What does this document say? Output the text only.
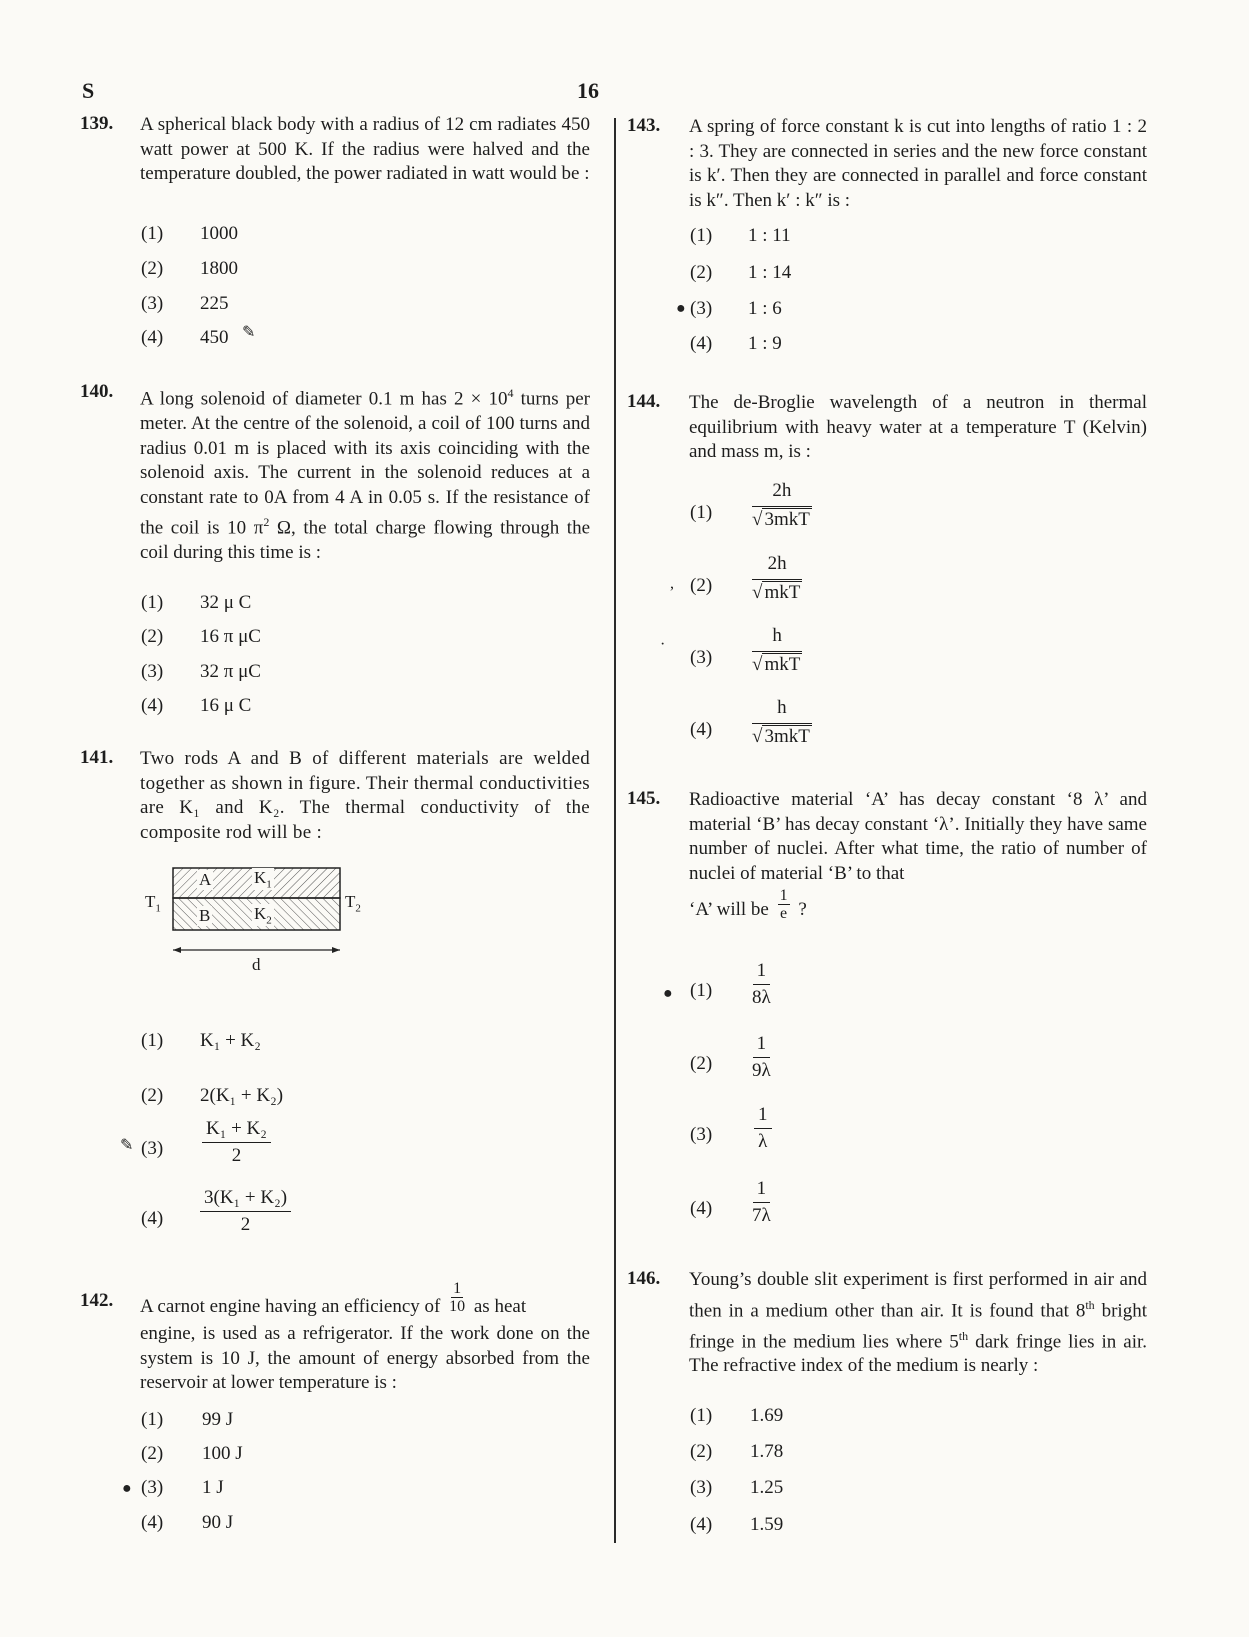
S	16
139. A spherical black body with a radius of 12 cm radiates 450 watt power at 500 K. If the radius were halved and the temperature doubled, the power radiated in watt would be :
(1) 1000
(2) 1800
(3) 225
(4) 450 ✎
140. A long solenoid of diameter 0.1 m has $2 \times 10^4$ turns per meter. At the centre of the solenoid, a coil of 100 turns and radius 0.01 m is placed with its axis coinciding with the solenoid axis. The current in the solenoid reduces at a constant rate to 0A from 4 A in 0.05 s. If the resistance of the coil is 10 $\pi^2$ Ω, the total charge flowing through the coil during this time is :
(1) 32 μ C
(2) 16 π μC
(3) 32 π μC
(4) 16 μ C
141. Two rods A and B of different materials are welded together as shown in figure. Their thermal conductivities are K₁ and K₂. The thermal conductivity of the composite rod will be :
A	$K_1$
B	$K_2$
$T_1$	$T_2$
d
(1) K₁ + K₂
(2) 2(K₁ + K₂)
✎ $(3) \frac{\text{K₁ + K₂}}{2}$
$(4) \frac{\text{3(K₁ + K₂)}}{2}$
142. A carnot engine having an efficiency of $\frac{1}{10}$ as heat
engine, is used as a refrigerator. If the work done on the system is 10 J, the amount of energy absorbed from the reservoir at lower temperature is :
(1) 99 J
(2) 100 J
● (3) 1 J
(4) 90 J
143. A spring of force constant k is cut into lengths of ratio 1 : 2 : 3. They are connected in series and the new force constant is k′. Then they are connected in parallel and force constant is k″. Then k′ : k″ is :
(1) 1 : 11
(2) 1 : 14
● (3) 1 : 6
(4) 1 : 9
144. The de-Broglie wavelength of a neutron in thermal equilibrium with heavy water at a temperature T (Kelvin) and mass m, is :
(1)
2h
√ 3mkT
, (2)
2h
√ mkT
·
(3)
h
√ mkT
(4)
h
√ 3mkT
145. Radioactive material ‘A’ has decay constant ‘8 λ’ and material ‘B’ has decay constant ‘λ’. Initially they have same number of nuclei. After what time, the ratio of number of nuclei of material ‘B’ to that
‘A’ will be $\frac{1}{e}$ ?
● $(1) \frac{1}{8\lambda}$
$(2) \frac{1}{9\lambda}$
$(3) \frac{1}{\lambda}$
$(4) \frac{1}{7\lambda}$
146. Young’s double slit experiment is first performed in air and then in a medium other than air. It is found that 8th bright fringe in the medium lies where 5th dark fringe lies in air. The refractive index of the medium is nearly :
(1) 1.69
(2) 1.78
(3) 1.25
(4) 1.59
